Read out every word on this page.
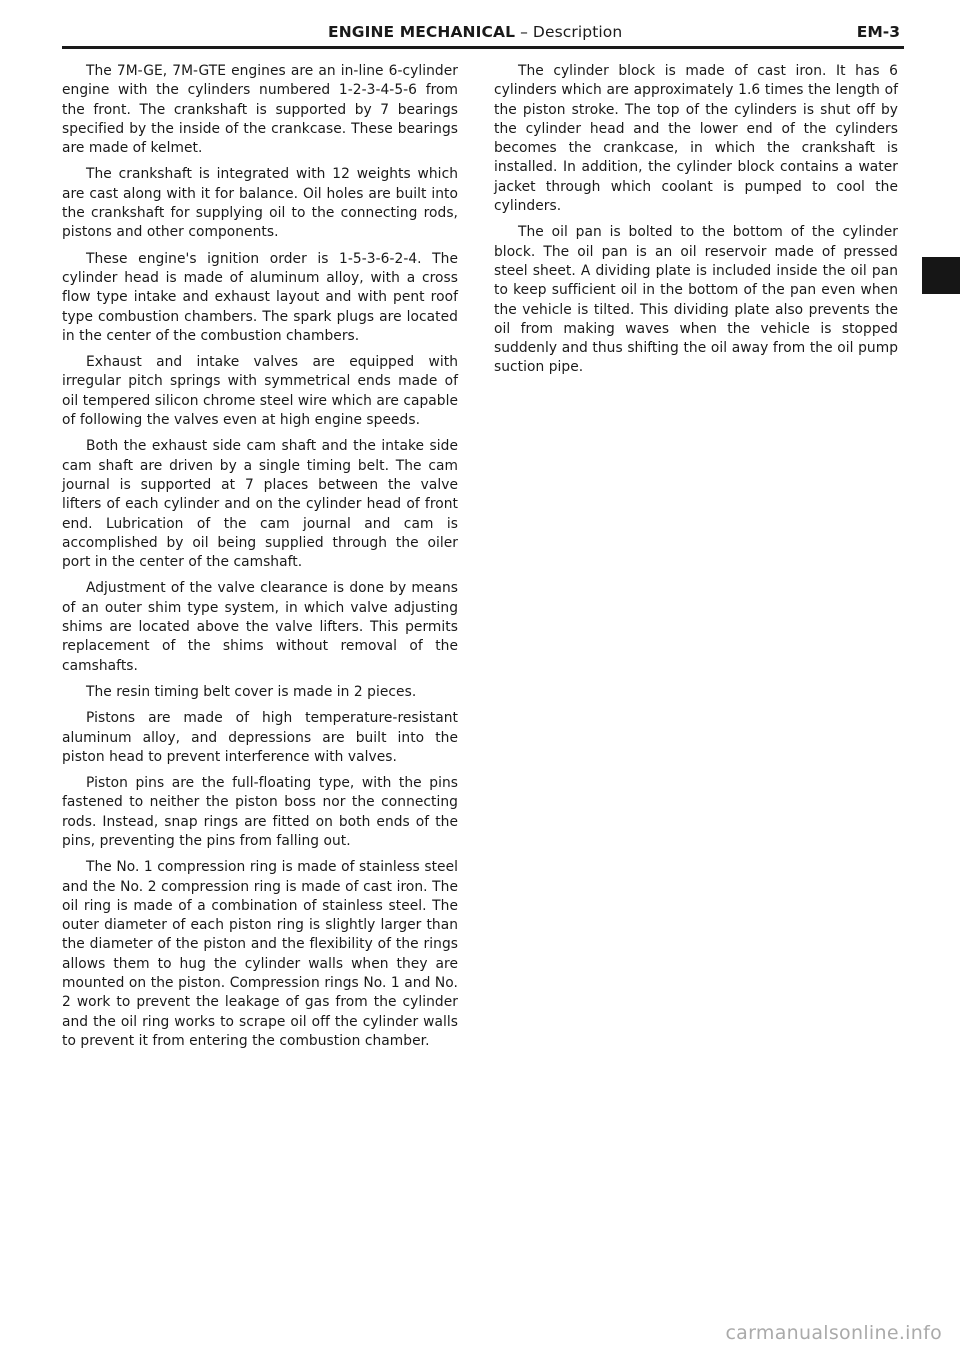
ENGINE MECHANICAL – Description	EM-3

The 7M-GE, 7M-GTE engines are an in-line 6-cylinder engine with the cylinders numbered 1-2-3-4-5-6 from the front. The crankshaft is supported by 7 bearings specified by the inside of the crankcase. These bearings are made of kelmet.

The crankshaft is integrated with 12 weights which are cast along with it for balance. Oil holes are built into the crankshaft for supplying oil to the connecting rods, pistons and other components.

These engine's ignition order is 1-5-3-6-2-4. The cylinder head is made of aluminum alloy, with a cross flow type intake and exhaust layout and with pent roof type combustion chambers. The spark plugs are located in the center of the combustion chambers.

Exhaust and intake valves are equipped with irregular pitch springs with symmetrical ends made of oil tempered silicon chrome steel wire which are capable of following the valves even at high engine speeds.

Both the exhaust side cam shaft and the intake side cam shaft are driven by a single timing belt. The cam journal is supported at 7 places between the valve lifters of each cylinder and on the cylinder head of front end. Lubrication of the cam journal and cam is accomplished by oil being supplied through the oiler port in the center of the camshaft.

Adjustment of the valve clearance is done by means of an outer shim type system, in which valve adjusting shims are located above the valve lifters. This permits replacement of the shims without removal of the camshafts.

The resin timing belt cover is made in 2 pieces.

Pistons are made of high temperature-resistant aluminum alloy, and depressions are built into the piston head to prevent interference with valves.

Piston pins are the full-floating type, with the pins fastened to neither the piston boss nor the connecting rods. Instead, snap rings are fitted on both ends of the pins, preventing the pins from falling out.

The No. 1 compression ring is made of stainless steel and the No. 2 compression ring is made of cast iron. The oil ring is made of a combination of stainless steel. The outer diameter of each piston ring is slightly larger than the diameter of the piston and the flexibility of the rings allows them to hug the cylinder walls when they are mounted on the piston. Compression rings No. 1 and No. 2 work to prevent the leakage of gas from the cylinder and the oil ring works to scrape oil off the cylinder walls to prevent it from entering the combustion chamber.

The cylinder block is made of cast iron. It has 6 cylinders which are approximately 1.6 times the length of the piston stroke. The top of the cylinders is shut off by the cylinder head and the lower end of the cylinders becomes the crankcase, in which the crankshaft is installed. In addition, the cylinder block contains a water jacket through which coolant is pumped to cool the cylinders.

The oil pan is bolted to the bottom of the cylinder block. The oil pan is an oil reservoir made of pressed steel sheet. A dividing plate is included inside the oil pan to keep sufficient oil in the bottom of the pan even when the vehicle is tilted. This dividing plate also prevents the oil from making waves when the vehicle is stopped suddenly and thus shifting the oil away from the oil pump suction pipe.

carmanualsonline.info
